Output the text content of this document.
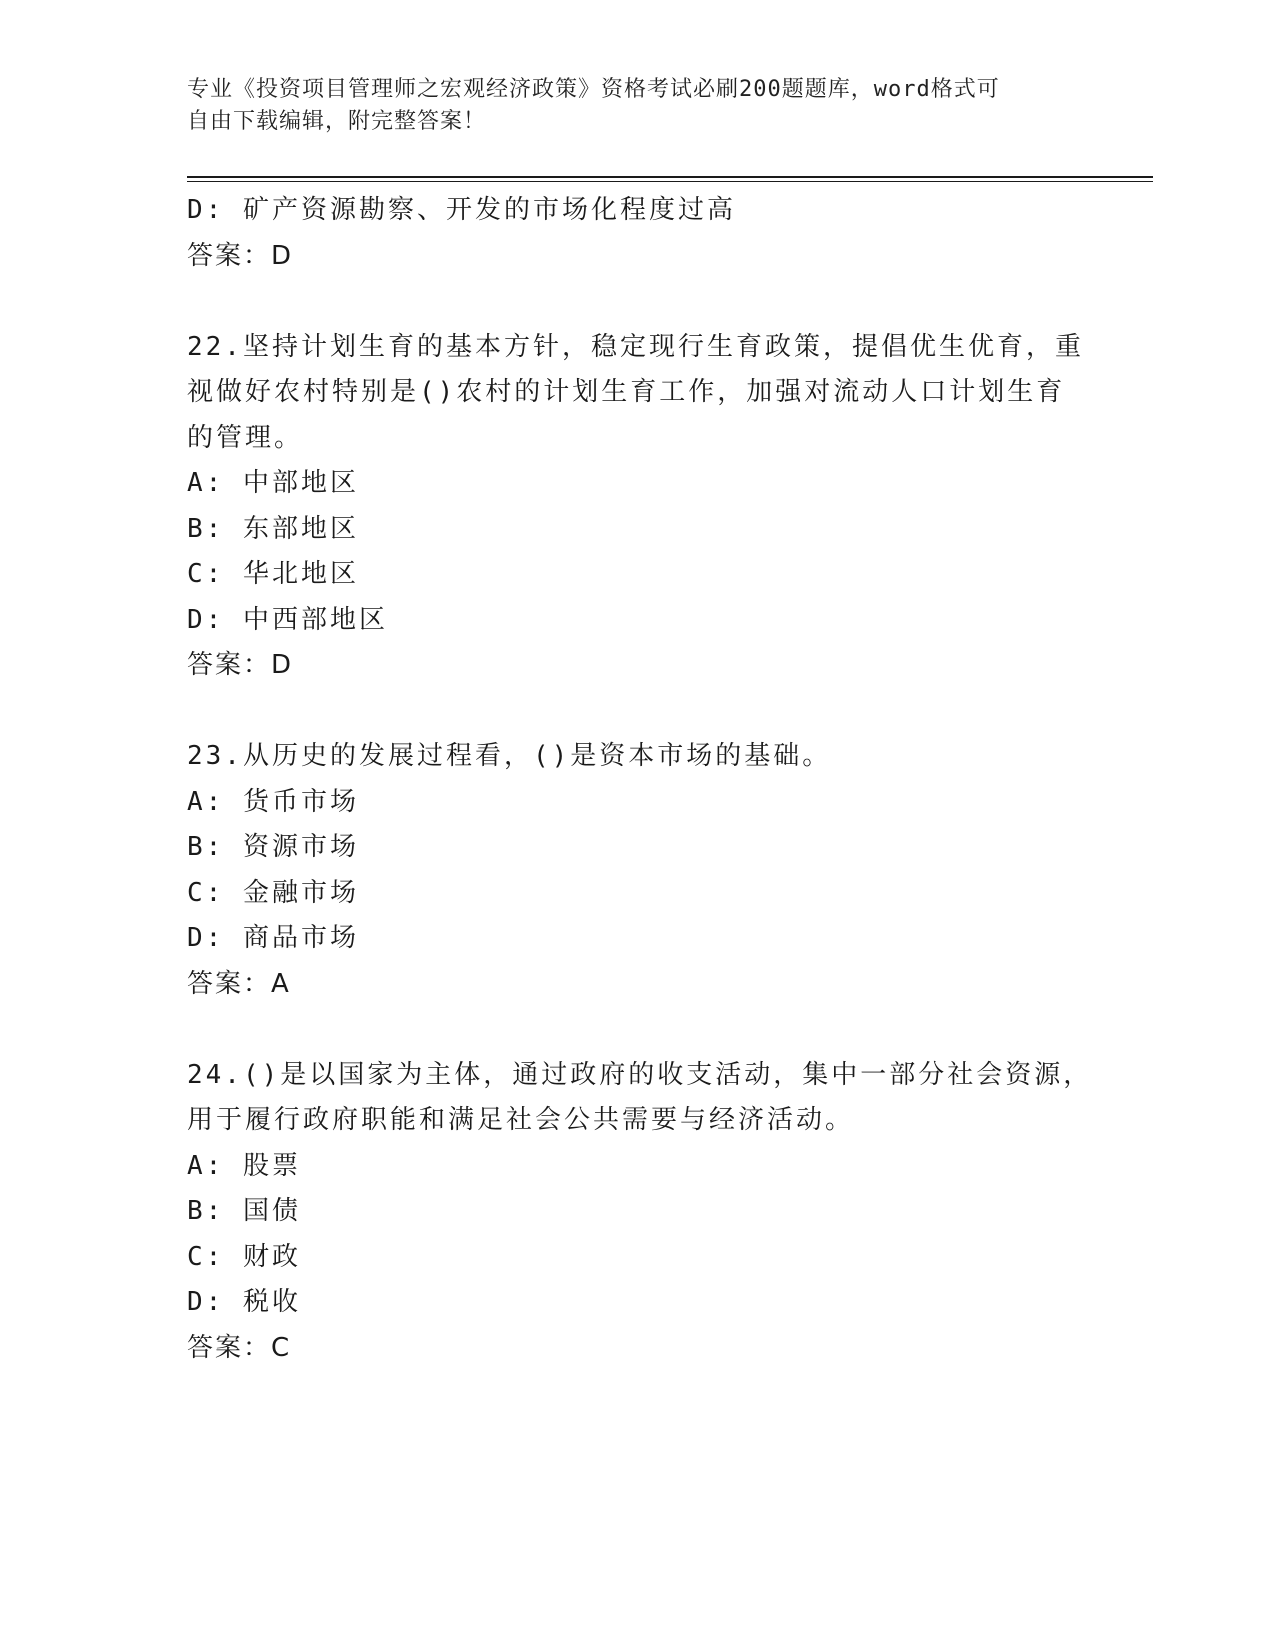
专业《投资项目管理师之宏观经济政策》资格考试必刷200题题库，word格式可
自由下载编辑，附完整答案！
D: 矿产资源勘察、开发的市场化程度过高
答案：D
22.坚持计划生育的基本方针，稳定现行生育政策，提倡优生优育，重
视做好农村特别是()农村的计划生育工作，加强对流动人口计划生育
的管理。
A: 中部地区
B: 东部地区
C: 华北地区
D: 中西部地区
答案：D
23.从历史的发展过程看，()是资本市场的基础。
A: 货币市场
B: 资源市场
C: 金融市场
D: 商品市场
答案：A
24.()是以国家为主体，通过政府的收支活动，集中一部分社会资源，
用于履行政府职能和满足社会公共需要与经济活动。
A: 股票
B: 国债
C: 财政
D: 税收
答案：C
